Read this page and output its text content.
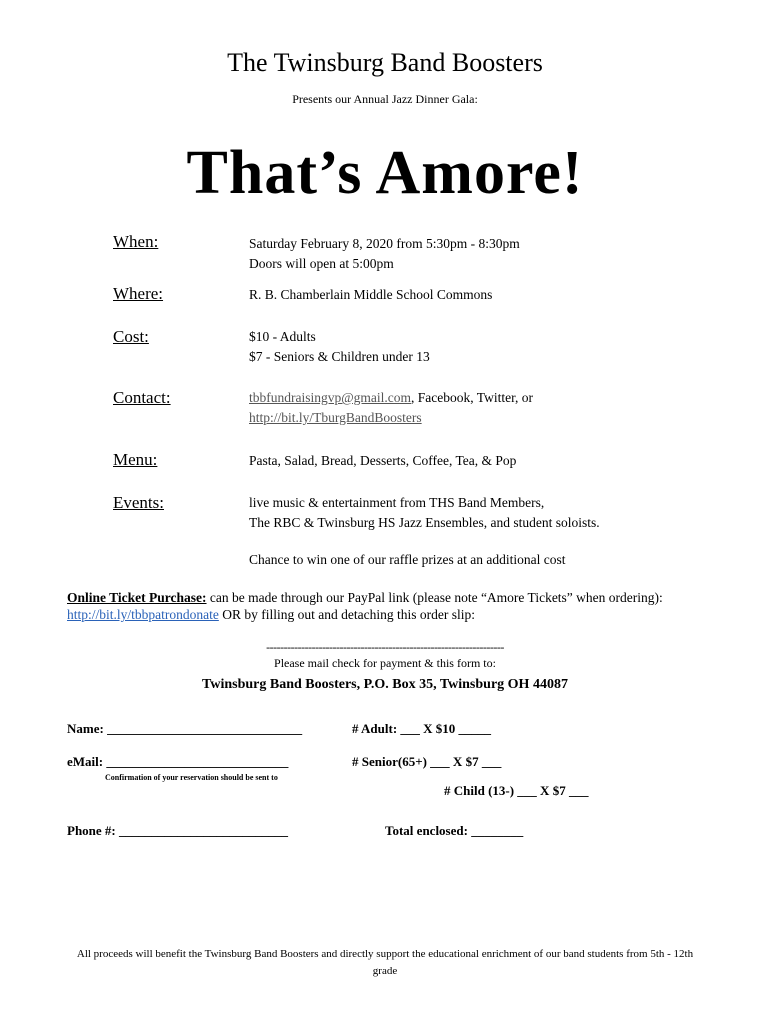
The Twinsburg Band Boosters
Presents our Annual Jazz Dinner Gala:
That’s Amore!
When:	Saturday February 8, 2020 from 5:30pm - 8:30pm
Doors will open at 5:00pm
Where:	R. B. Chamberlain Middle School Commons
Cost:	$10 - Adults
$7 - Seniors & Children under 13
Contact:	tbbfundraisingvp@gmail.com, Facebook, Twitter, or
http://bit.ly/TburgBandBoosters
Menu:	Pasta, Salad, Bread, Desserts, Coffee, Tea, & Pop
Events:	live music & entertainment from THS Band Members,
The RBC & Twinsburg HS Jazz Ensembles, and student soloists.
Chance to win one of our raffle prizes at an additional cost
Online Ticket Purchase: can be made through our PayPal link (please note “Amore Tickets” when ordering):
http://bit.ly/tbbpatrondonate OR by filling out and detaching this order slip:
--------------------------------------------------------------------
Please mail check for payment & this form to:
Twinsburg Band Boosters, P.O. Box 35, Twinsburg OH 44087
Name: ______________________________	# Adult: ___ X $10 _____
eMail: ____________________________	# Senior(65+) ___ X $7 ___
Confirmation of your reservation should be sent to
# Child (13-) ___ X $7 ___
Phone #: __________________________	Total enclosed: ________
All proceeds will benefit the Twinsburg Band Boosters and directly support the educational enrichment of our band students from 5th - 12th grade
